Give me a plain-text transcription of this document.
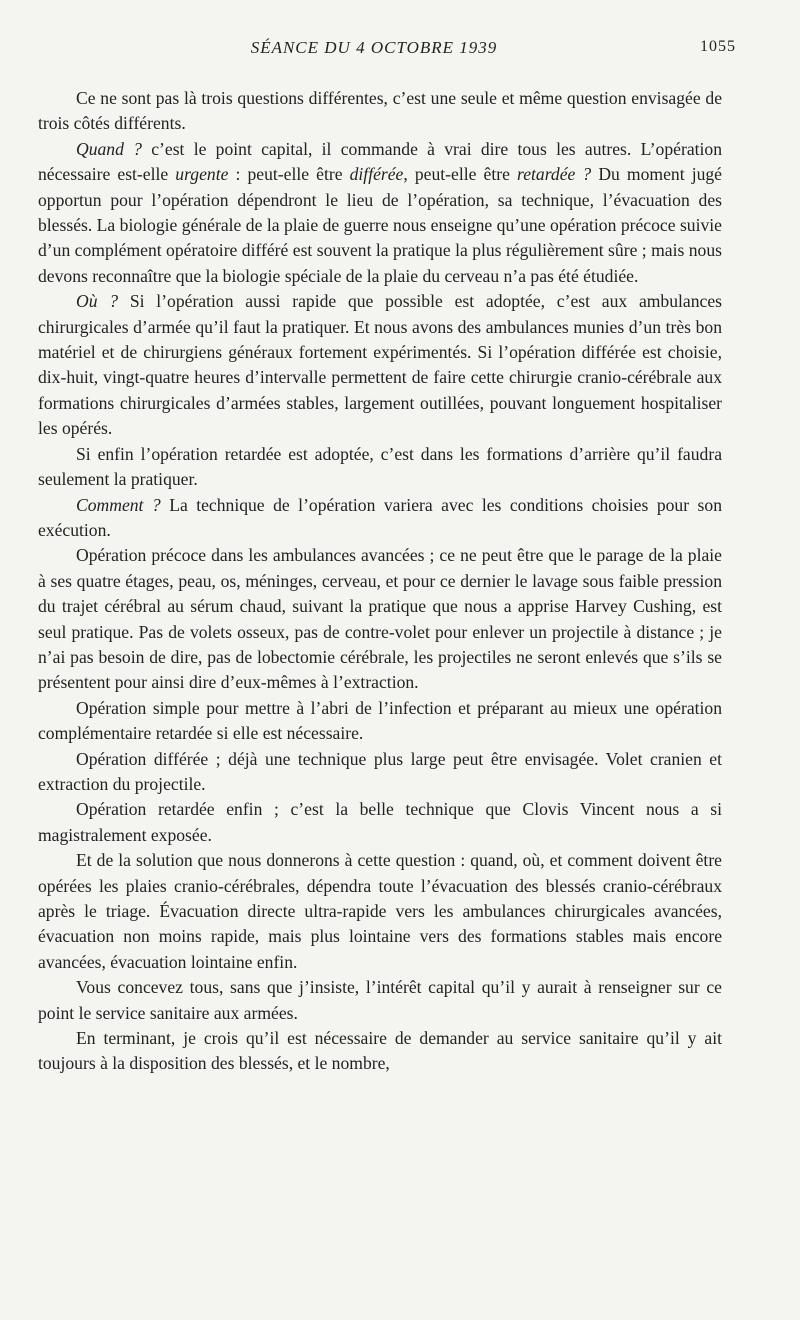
SÉANCE DU 4 OCTOBRE 1939	1055

Ce ne sont pas là trois questions différentes, c’est une seule et même question envisagée de trois côtés différents.

Quand ? c’est le point capital, il commande à vrai dire tous les autres. L’opération nécessaire est-elle urgente : peut-elle être différée, peut-elle être retardée ? Du moment jugé opportun pour l’opération dépendront le lieu de l’opération, sa technique, l’évacuation des blessés. La biologie générale de la plaie de guerre nous enseigne qu’une opération précoce suivie d’un complément opératoire différé est souvent la pratique la plus régulièrement sûre ; mais nous devons reconnaître que la biologie spéciale de la plaie du cerveau n’a pas été étudiée.

Où ? Si l’opération aussi rapide que possible est adoptée, c’est aux ambulances chirurgicales d’armée qu’il faut la pratiquer. Et nous avons des ambulances munies d’un très bon matériel et de chirurgiens généraux fortement expérimentés. Si l’opération différée est choisie, dix-huit, vingt-quatre heures d’intervalle permettent de faire cette chirurgie cranio-cérébrale aux formations chirurgicales d’armées stables, largement outillées, pouvant longuement hospitaliser les opérés.

Si enfin l’opération retardée est adoptée, c’est dans les formations d’arrière qu’il faudra seulement la pratiquer.

Comment ? La technique de l’opération variera avec les conditions choisies pour son exécution.

Opération précoce dans les ambulances avancées ; ce ne peut être que le parage de la plaie à ses quatre étages, peau, os, méninges, cerveau, et pour ce dernier le lavage sous faible pression du trajet cérébral au sérum chaud, suivant la pratique que nous a apprise Harvey Cushing, est seul pratique. Pas de volets osseux, pas de contre-volet pour enlever un projectile à distance ; je n’ai pas besoin de dire, pas de lobectomie cérébrale, les projectiles ne seront enlevés que s’ils se présentent pour ainsi dire d’eux-mêmes à l’extraction.

Opération simple pour mettre à l’abri de l’infection et préparant au mieux une opération complémentaire retardée si elle est nécessaire.

Opération différée ; déjà une technique plus large peut être envisagée. Volet cranien et extraction du projectile.

Opération retardée enfin ; c’est la belle technique que Clovis Vincent nous a si magistralement exposée.

Et de la solution que nous donnerons à cette question : quand, où, et comment doivent être opérées les plaies cranio-cérébrales, dépendra toute l’évacuation des blessés cranio-cérébraux après le triage. Évacuation directe ultra-rapide vers les ambulances chirurgicales avancées, évacuation non moins rapide, mais plus lointaine vers des formations stables mais encore avancées, évacuation lointaine enfin.

Vous concevez tous, sans que j’insiste, l’intérêt capital qu’il y aurait à renseigner sur ce point le service sanitaire aux armées.

En terminant, je crois qu’il est nécessaire de demander au service sanitaire qu’il y ait toujours à la disposition des blessés, et le nombre,
